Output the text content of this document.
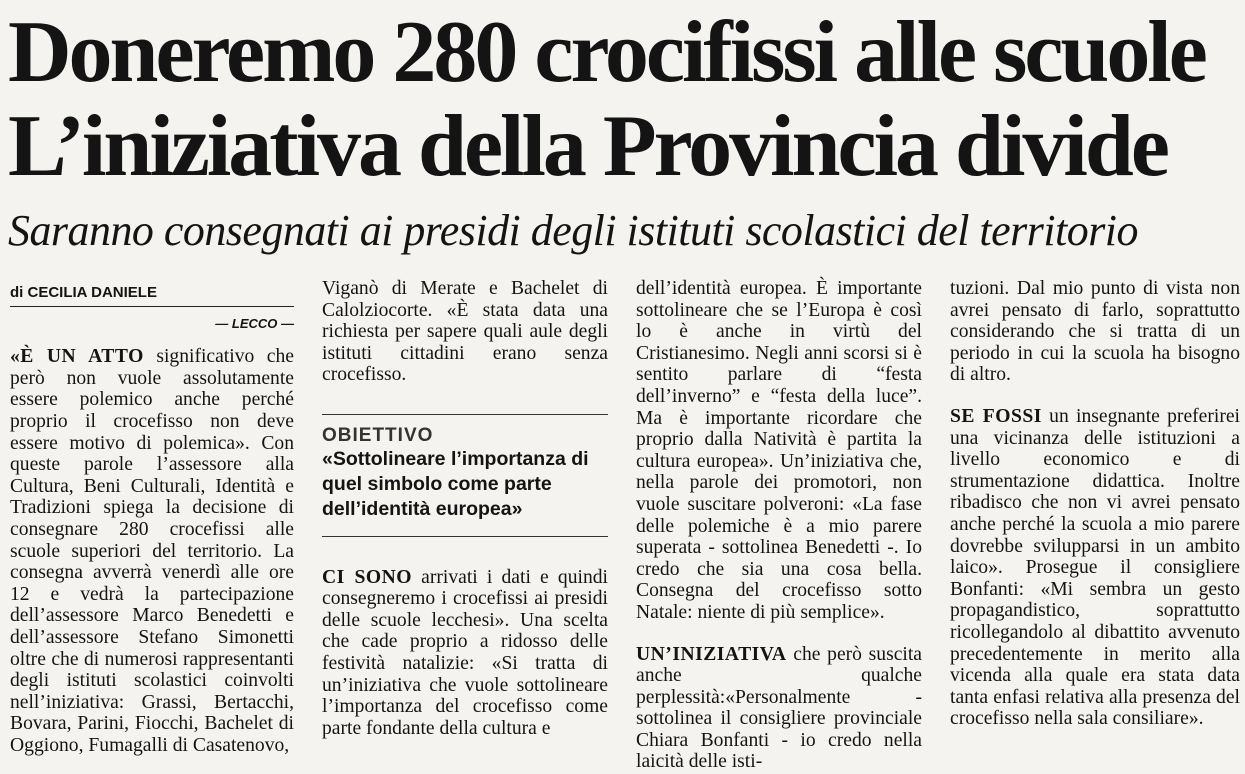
Doneremo 280 crocifissi alle scuole
L’iniziativa della Provincia divide
Saranno consegnati ai presidi degli istituti scolastici del territorio
di CECILIA DANIELE
— LECCO —

«È UN ATTO significativo che però non vuole assolutamente essere polemico anche perché proprio il crocefisso non deve essere motivo di polemica». Con queste parole l’assessore alla Cultura, Beni Culturali, Identità e Tradizioni spiega la decisione di consegnare 280 crocefissi alle scuole superiori del territorio. La consegna avverrà venerdì alle ore 12 e vedrà la partecipazione dell’assessore Marco Benedetti e dell’assessore Stefano Simonetti oltre che di numerosi rappresentanti degli istituti scolastici coinvolti nell’iniziativa: Grassi, Bertacchi, Bovara, Parini, Fiocchi, Bachelet di Oggiono, Fumagalli di Casatenovo,

Viganò di Merate e Bachelet di Calolziocorte. «È stata data una richiesta per sapere quali aule degli istituti cittadini erano senza crocefisso.

OBIETTIVO
«Sottolineare l’importanza di quel simbolo come parte dell’identità europea»

CI SONO arrivati i dati e quindi consegneremo i crocefissi ai presidi delle scuole lecchesi». Una scelta che cade proprio a ridosso delle festività natalizie: «Si tratta di un’iniziativa che vuole sottolineare l’importanza del crocefisso come parte fondante della cultura e

dell’identità europea. È importante sottolineare che se l’Europa è così lo è anche in virtù del Cristianesimo. Negli anni scorsi si è sentito parlare di “festa dell’inverno” e “festa della luce”. Ma è importante ricordare che proprio dalla Natività è partita la cultura europea». Un’iniziativa che, nella parole dei promotori, non vuole suscitare polveroni: «La fase delle polemiche è a mio parere superata - sottolinea Benedetti -. Io credo che sia una cosa bella. Consegna del crocefisso sotto Natale: niente di più semplice».

UN’INIZIATIVA che però suscita anche qualche perplessità:«Personalmente - sottolinea il consigliere provinciale Chiara Bonfanti - io credo nella laicità delle isti-

tuzioni. Dal mio punto di vista non avrei pensato di farlo, soprattutto considerando che si tratta di un periodo in cui la scuola ha bisogno di altro.

SE FOSSI un insegnante preferirei una vicinanza delle istituzioni a livello economico e di strumentazione didattica. Inoltre ribadisco che non vi avrei pensato anche perché la scuola a mio parere dovrebbe svilupparsi in un ambito laico». Prosegue il consigliere Bonfanti: «Mi sembra un gesto propagandistico, soprattutto ricollegandolo al dibattito avvenuto precedentemente in merito alla vicenda alla quale era stata data tanta enfasi relativa alla presenza del crocefisso nella sala consiliare».
